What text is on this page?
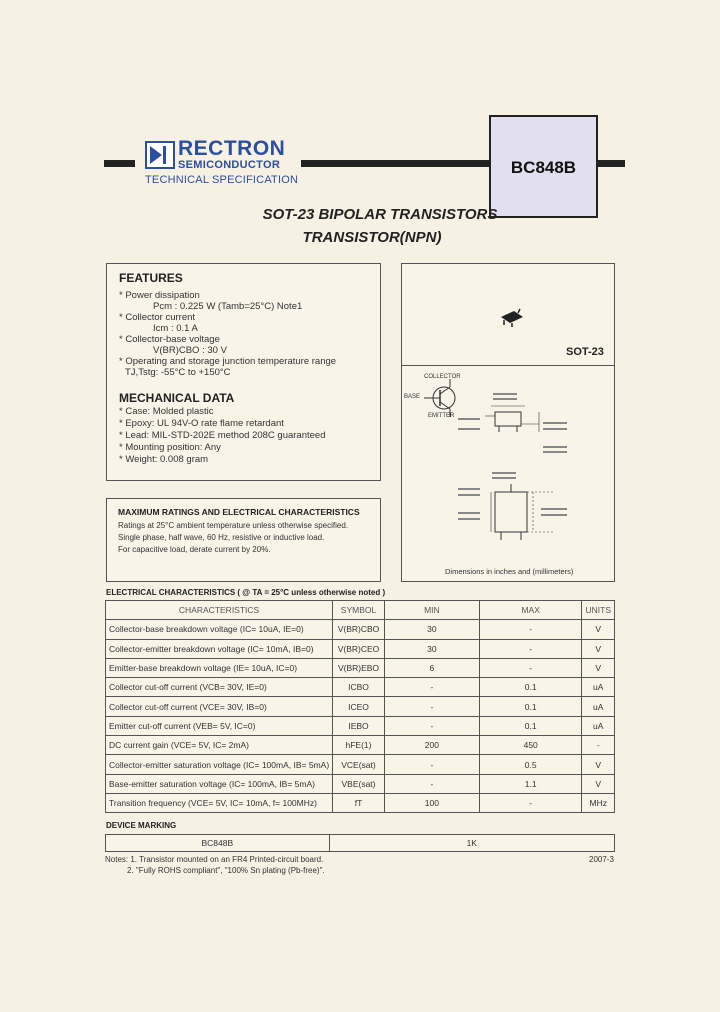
RECTRON
SEMICONDUCTOR
TECHNICAL SPECIFICATION
BC848B
SOT-23 BIPOLAR TRANSISTORS
TRANSISTOR(NPN)
FEATURES
* Power dissipation
Pcm : 0.225 W (Tamb=25°C) Note1
* Collector current
Icm : 0.1 A
* Collector-base voltage
V(BR)CBO : 30 V
* Operating and storage junction temperature range
TJ,Tstg: -55°C to +150°C
MECHANICAL DATA
* Case: Molded plastic
* Epoxy: UL 94V-O rate flame retardant
* Lead: MIL-STD-202E method 208C guaranteed
* Mounting position: Any
* Weight: 0.008 gram
SOT-23
COLLECTOR
BASE
EMITTER
Dimensions in inches and (millimeters)
MAXIMUM RATINGS AND ELECTRICAL CHARACTERISTICS
Ratings at 25°C ambient temperature unless otherwise specified.
Single phase, half wave, 60 Hz, resistive or inductive load.
For capacitive load, derate current by 20%.
ELECTRICAL CHARACTERISTICS ( @ TA = 25°C unless otherwise noted )
CHARACTERISTICS	SYMBOL	MIN	MAX	UNITS
Collector-base breakdown voltage (IC= 10uA, IE=0)	V(BR)CBO	30	-	V
Collector-emitter breakdown voltage (IC= 10mA, IB=0)	V(BR)CEO	30	-	V
Emitter-base breakdown voltage (IE= 10uA, IC=0)	V(BR)EBO	6	-	V
Collector cut-off current (VCB= 30V, IE=0)	ICBO	-	0.1	uA
Collector cut-off current (VCE= 30V, IB=0)	ICEO	-	0.1	uA
Emitter cut-off current (VEB= 5V, IC=0)	IEBO	-	0.1	uA
DC current gain (VCE= 5V, IC= 2mA)	hFE(1)	200	450	-
Collector-emitter saturation voltage (IC= 100mA, IB= 5mA)	VCE(sat)	-	0.5	V
Base-emitter saturation voltage (IC= 100mA, IB= 5mA)	VBE(sat)	-	1.1	V
Transition frequency (VCE= 5V, IC= 10mA, f= 100MHz)	fT	100	-	MHz
DEVICE MARKING
BC848B	1K
Notes: 1. Transistor mounted on an FR4 Printed-circuit board.
2. "Fully ROHS compliant", "100% Sn plating (Pb-free)".
2007-3
